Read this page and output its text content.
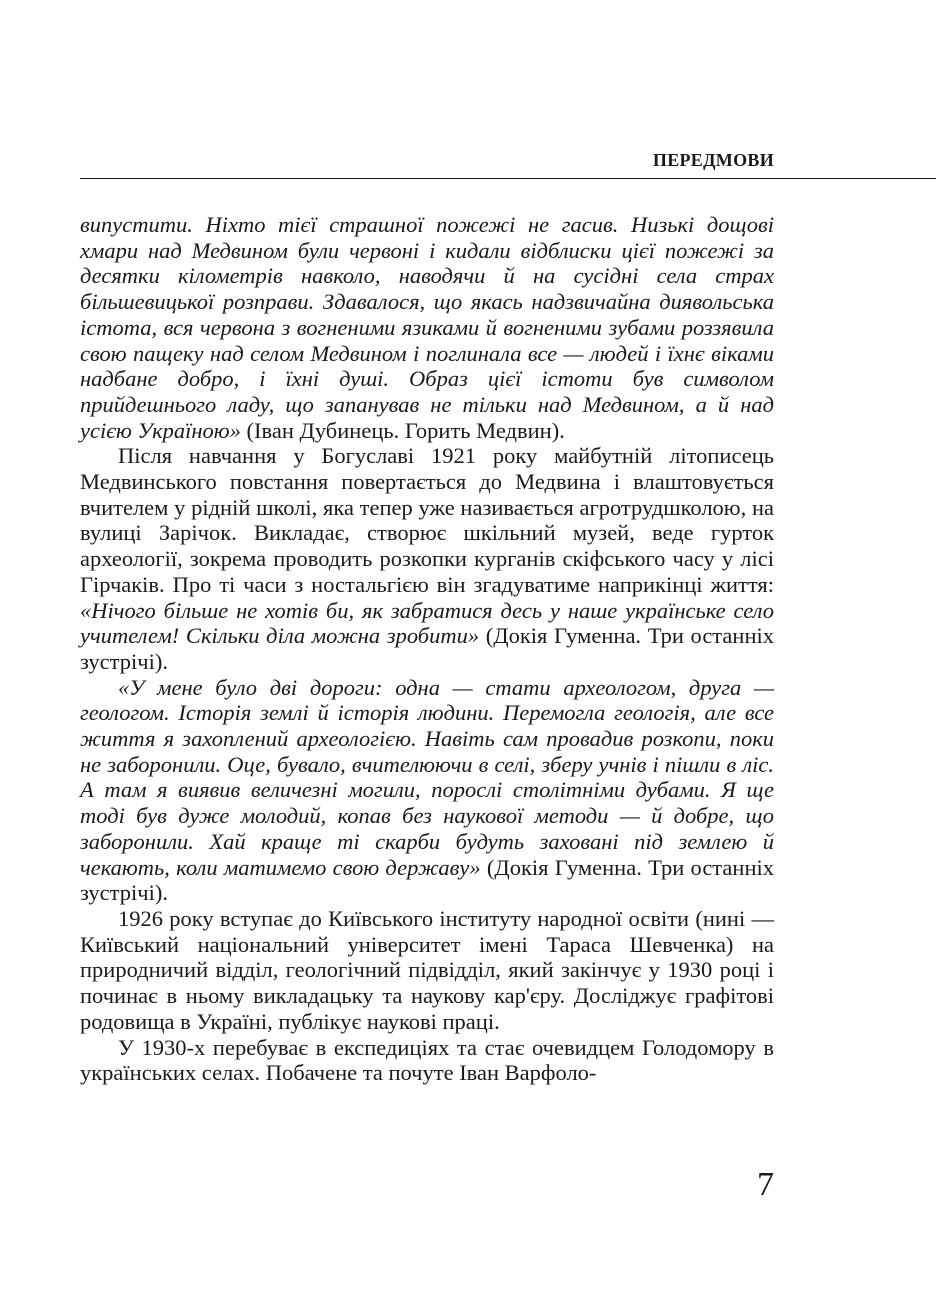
ПЕРЕДМОВИ

випустити. Ніхто тієї страшної пожежі не гасив. Низькі дощові хмари над Медвином були червоні і кидали відблиски цієї пожежі за десятки кілометрів навколо, наводячи й на сусідні села страх більшевицької розправи. Здавалося, що якась надзвичайна диявольська істота, вся червона з вогненими язиками й вогненими зубами роззявила свою пащеку над селом Медвином і поглинала все — людей і їхнє віками надбане добро, і їхні душі. Образ цієї істоти був символом прийдешнього ладу, що запанував не тільки над Медвином, а й над усією Україною» (Іван Дубинець. Горить Медвин).

Після навчання у Богуславі 1921 року майбутній літописець Медвинського повстання повертається до Медвина і влаштовується вчителем у рідній школі, яка тепер уже називається агротрудшколою, на вулиці Зарічок. Викладає, створює шкільний музей, веде гурток археології, зокрема проводить розкопки курганів скіфського часу у лісі Гірчаків. Про ті часи з ностальгією він згадуватиме наприкінці життя: «Нічого більше не хотів би, як забратися десь у наше українське село учителем! Скільки діла можна зробити» (Докія Гуменна. Три останніх зустрічі).

«У мене було дві дороги: одна — стати археологом, друга — геологом. Історія землі й історія людини. Перемогла геологія, але все життя я захоплений археологією. Навіть сам провадив розкопи, поки не заборонили. Оце, бувало, вчителюючи в селі, зберу учнів і пішли в ліс. А там я виявив величезні могили, порослі столітніми дубами. Я ще тоді був дуже молодий, копав без наукової методи — й добре, що заборонили. Хай краще ті скарби будуть заховані під землею й чекають, коли матимемо свою державу» (Докія Гуменна. Три останніх зустрічі).

1926 року вступає до Київського інституту народної освіти (нині — Київський національний університет імені Тараса Шевченка) на природничий відділ, геологічний підвідділ, який закінчує у 1930 році і починає в ньому викладацьку та наукову кар'єру. Досліджує графітові родовища в Україні, публікує наукові праці.

У 1930-х перебуває в експедиціях та стає очевидцем Голодомору в українських селах. Побачене та почуте Іван Варфоло-

7
